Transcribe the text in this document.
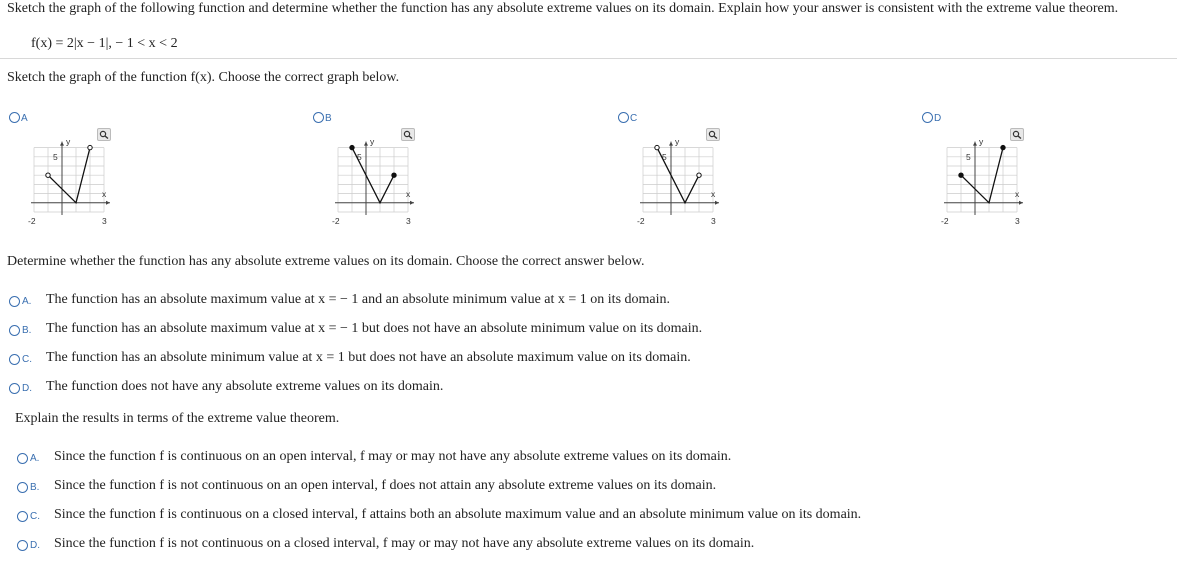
Sketch the graph of the following function and determine whether the function has any absolute extreme values on its domain. Explain how your answer is consistent with the extreme value theorem.
f(x) = 2|x − 1|, − 1 < x < 2
Sketch the graph of the function f(x). Choose the correct graph below.
A
5
y
x
-2	3
B
5
y
x
-2	3
C
5
y
x
-2	3
D
5
y
x
-2	3
Determine whether the function has any absolute extreme values on its domain. Choose the correct answer below.
A. The function has an absolute maximum value at x = − 1 and an absolute minimum value at x = 1 on its domain.
B. The function has an absolute maximum value at x = − 1 but does not have an absolute minimum value on its domain.
C. The function has an absolute minimum value at x = 1 but does not have an absolute maximum value on its domain.
D. The function does not have any absolute extreme values on its domain.
Explain the results in terms of the extreme value theorem.
A. Since the function f is continuous on an open interval, f may or may not have any absolute extreme values on its domain.
B. Since the function f is not continuous on an open interval, f does not attain any absolute extreme values on its domain.
C. Since the function f is continuous on a closed interval, f attains both an absolute maximum value and an absolute minimum value on its domain.
D. Since the function f is not continuous on a closed interval, f may or may not have any absolute extreme values on its domain.
